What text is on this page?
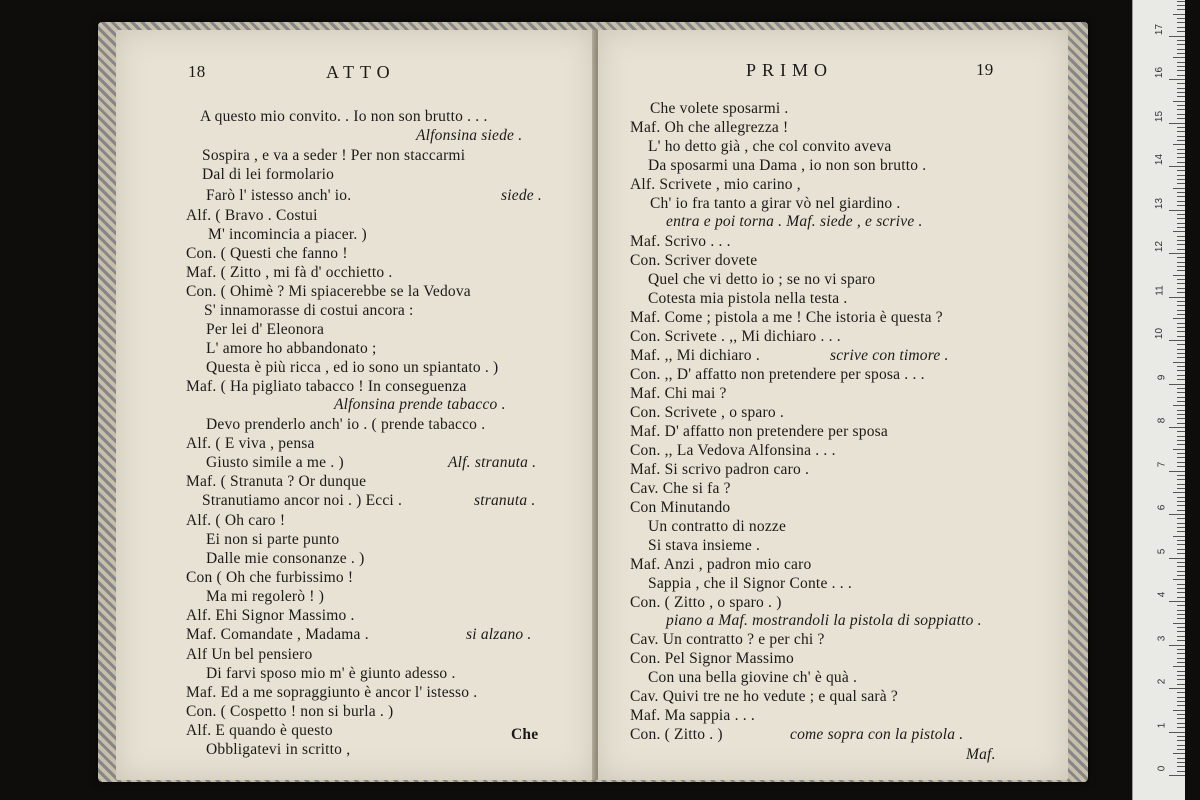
18	ATTO
Che
A questo mio convito. . Io non son brutto . . .
Alfonsina siede .
Sospira , e va a seder ! Per non staccarmi
Dal di lei formolario
Farò l' istesso anch' io.	siede .
Alf. ( Bravo . Costui
M' incomincia a piacer. )
Con. ( Questi che fanno !
Maf. ( Zitto , mi fà d' occhietto .
Con. ( Ohimè ? Mi spiacerebbe se la Vedova
S' innamorasse di costui ancora :
Per lei d' Eleonora
L' amore ho abbandonato ;
Questa è più ricca , ed io sono un spiantato . )
Maf. ( Ha pigliato tabacco ! In conseguenza
Alfonsina prende tabacco .
Devo prenderlo anch' io . ( prende tabacco .
Alf. ( E viva , pensa
Giusto simile a me . )	Alf. stranuta .
Maf. ( Stranuta ? Or dunque
Stranutiamo ancor noi . ) Ecci .	stranuta .
Alf. ( Oh caro !
Ei non si parte punto
Dalle mie consonanze . )
Con ( Oh che furbissimo !
Ma mi regolerò ! )
Alf. Ehi Signor Massimo .
Maf. Comandate , Madama .	si alzano .
Alf Un bel pensiero
Di farvi sposo mio m' è giunto adesso .
Maf. Ed a me sopraggiunto è ancor l' istesso .
Con. ( Cospetto ! non si burla . )
Alf. E quando è questo
Obbligatevi in scritto ,
PRIMO	19
Maf.
Che volete sposarmi .
Maf. Oh che allegrezza !
L' ho detto già , che col convito aveva
Da sposarmi una Dama , io non son brutto .
Alf. Scrivete , mio carino ,
Ch' io fra tanto a girar vò nel giardino .
entra e poi torna . Maf. siede , e scrive .
Maf. Scrivo . . .
Con. Scriver dovete
Quel che vi detto io ; se no vi sparo
Cotesta mia pistola nella testa .
Maf. Come ; pistola a me ! Che istoria è questa ?
Con. Scrivete . ,, Mi dichiaro . . .
Maf. ,, Mi dichiaro .	scrive con timore .
Con. ,, D' affatto non pretendere per sposa . . .
Maf. Chi mai ?
Con. Scrivete , o sparo .
Maf. D' affatto non pretendere per sposa
Con. ,, La Vedova Alfonsina . . .
Maf. Si scrivo padron caro .
Cav. Che si fa ?
Con Minutando
Un contratto di nozze
Si stava insieme .
Maf. Anzi , padron mio caro
Sappia , che il Signor Conte . . .
Con. ( Zitto , o sparo . )
piano a Maf. mostrandoli la pistola di soppiatto .
Cav. Un contratto ? e per chi ?
Con. Pel Signor Massimo
Con una bella giovine ch' è quà .
Cav. Quivi tre ne ho vedute ; e qual sarà ?
Maf. Ma sappia . . .
Con. ( Zitto . )	come sopra con la pistola .
0
1
2
3
4
5
6
7
8
9
10
11
12
13
14
15
16
17
